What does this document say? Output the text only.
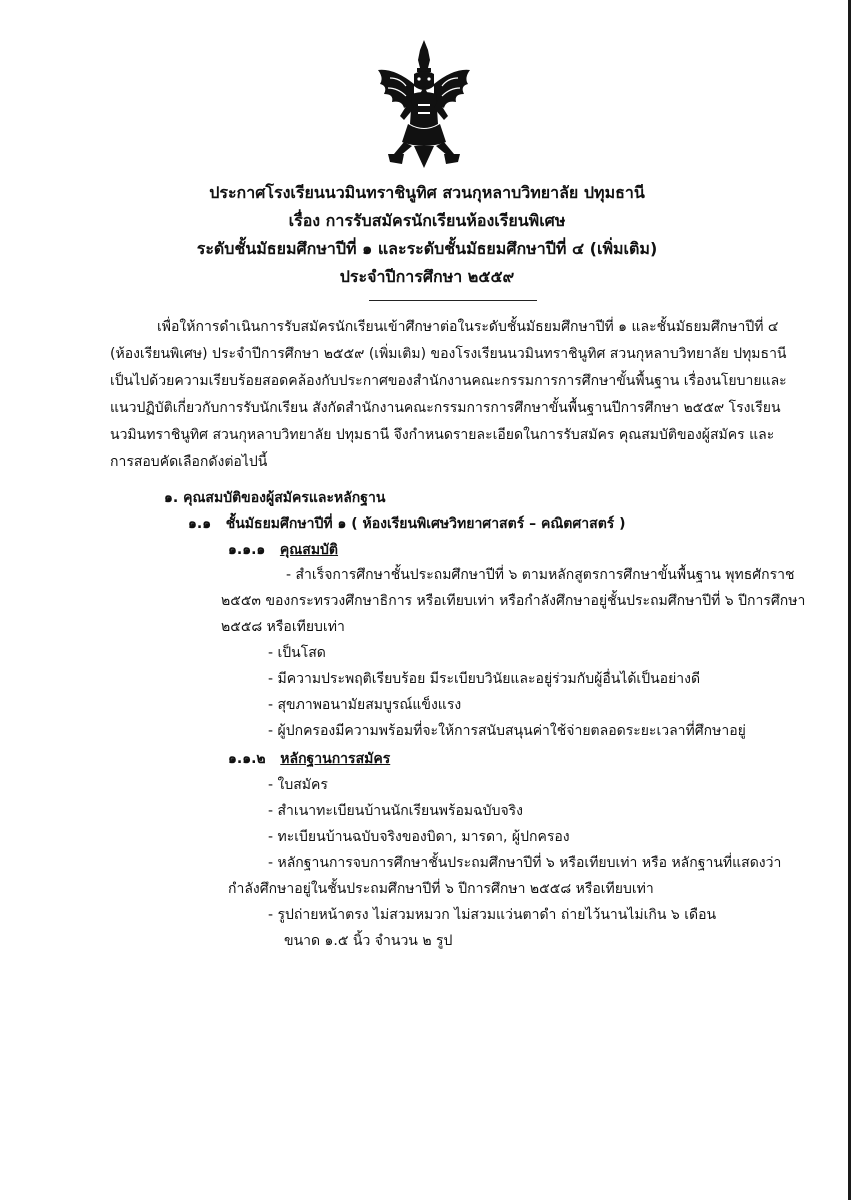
ประกาศโรงเรียนนวมินทราชินูทิศ สวนกุหลาบวิทยาลัย ปทุมธานี
เรื่อง การรับสมัครนักเรียนห้องเรียนพิเศษ
ระดับชั้นมัธยมศึกษาปีที่ ๑ และระดับชั้นมัธยมศึกษาปีที่ ๔ (เพิ่มเติม)
ประจำปีการศึกษา ๒๕๕๙
เพื่อให้การดำเนินการรับสมัครนักเรียนเข้าศึกษาต่อในระดับชั้นมัธยมศึกษาปีที่ ๑ และชั้นมัธยมศึกษาปีที่ ๔
(ห้องเรียนพิเศษ) ประจำปีการศึกษา ๒๕๕๙ (เพิ่มเติม) ของโรงเรียนนวมินทราชินูทิศ สวนกุหลาบวิทยาลัย ปทุมธานี
เป็นไปด้วยความเรียบร้อยสอดคล้องกับประกาศของสำนักงานคณะกรรมการการศึกษาขั้นพื้นฐาน เรื่องนโยบายและ
แนวปฏิบัติเกี่ยวกับการรับนักเรียน สังกัดสำนักงานคณะกรรมการการศึกษาขั้นพื้นฐานปีการศึกษา ๒๕๕๙ โรงเรียน
นวมินทราชินูทิศ สวนกุหลาบวิทยาลัย ปทุมธานี จึงกำหนดรายละเอียดในการรับสมัคร คุณสมบัติของผู้สมัคร และ
การสอบคัดเลือกดังต่อไปนี้
๑. คุณสมบัติของผู้สมัครและหลักฐาน
๑.๑ ชั้นมัธยมศึกษาปีที่ ๑ ( ห้องเรียนพิเศษวิทยาศาสตร์ – คณิตศาสตร์ )
๑.๑.๑ คุณสมบัติ
- สำเร็จการศึกษาชั้นประถมศึกษาปีที่ ๖ ตามหลักสูตรการศึกษาขั้นพื้นฐาน พุทธศักราช
๒๕๕๓ ของกระทรวงศึกษาธิการ หรือเทียบเท่า หรือกำลังศึกษาอยู่ชั้นประถมศึกษาปีที่ ๖ ปีการศึกษา
๒๕๕๘ หรือเทียบเท่า
- เป็นโสด
- มีความประพฤติเรียบร้อย มีระเบียบวินัยและอยู่ร่วมกับผู้อื่นได้เป็นอย่างดี
- สุขภาพอนามัยสมบูรณ์แข็งแรง
- ผู้ปกครองมีความพร้อมที่จะให้การสนับสนุนค่าใช้จ่ายตลอดระยะเวลาที่ศึกษาอยู่
๑.๑.๒ หลักฐานการสมัคร
- ใบสมัคร
- สำเนาทะเบียนบ้านนักเรียนพร้อมฉบับจริง
- ทะเบียนบ้านฉบับจริงของบิดา, มารดา, ผู้ปกครอง
- หลักฐานการจบการศึกษาชั้นประถมศึกษาปีที่ ๖ หรือเทียบเท่า หรือ หลักฐานที่แสดงว่า
กำลังศึกษาอยู่ในชั้นประถมศึกษาปีที่ ๖ ปีการศึกษา ๒๕๕๘ หรือเทียบเท่า
- รูปถ่ายหน้าตรง ไม่สวมหมวก ไม่สวมแว่นตาดำ ถ่ายไว้นานไม่เกิน ๖ เดือน
ขนาด ๑.๕ นิ้ว จำนวน ๒ รูป
